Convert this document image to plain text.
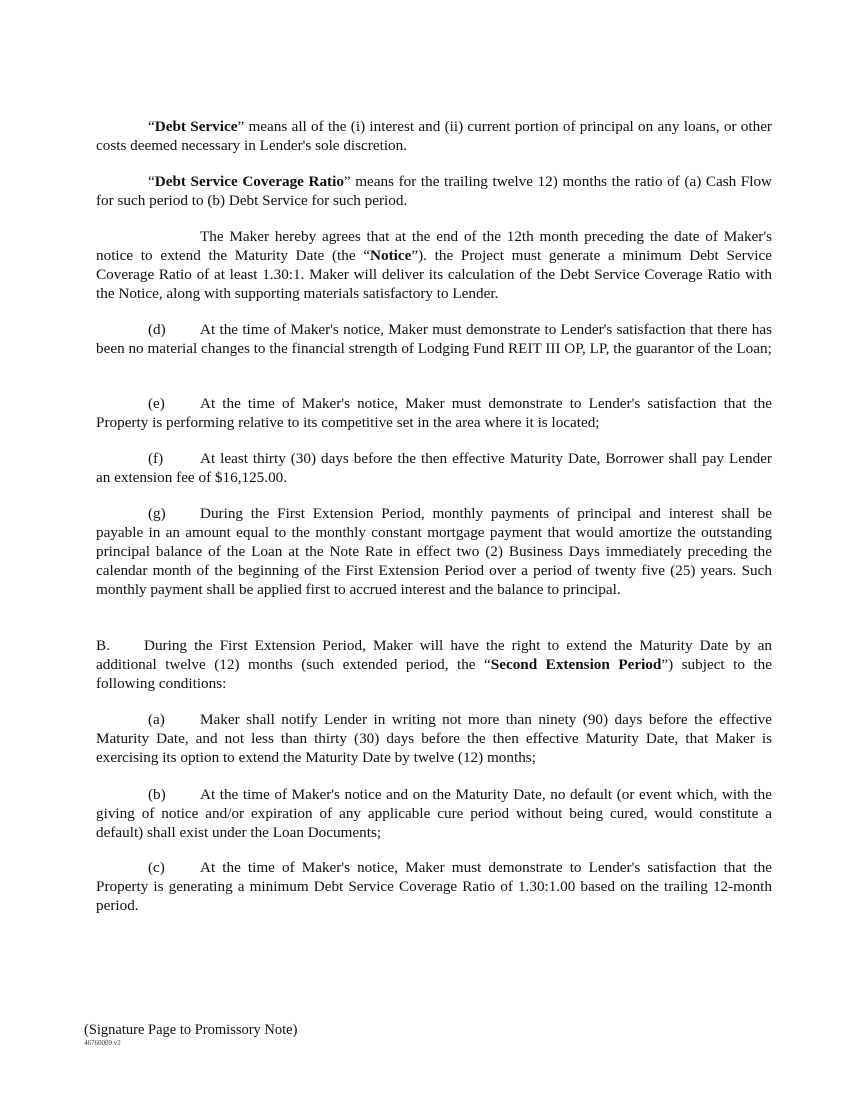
“Debt Service” means all of the (i) interest and (ii) current portion of principal on any loans, or other costs deemed necessary in Lender's sole discretion.

“Debt Service Coverage Ratio” means for the trailing twelve 12) months the ratio of (a) Cash Flow for such period to (b) Debt Service for such period.

The Maker hereby agrees that at the end of the 12th month preceding the date of Maker's notice to extend the Maturity Date (the “Notice”). the Project must generate a minimum Debt Service Coverage Ratio of at least 1.30:1. Maker will deliver its calculation of the Debt Service Coverage Ratio with the Notice, along with supporting materials satisfactory to Lender.

(d) At the time of Maker's notice, Maker must demonstrate to Lender's satisfaction that there has been no material changes to the financial strength of Lodging Fund REIT III OP, LP, the guarantor of the Loan;

(e) At the time of Maker's notice, Maker must demonstrate to Lender's satisfaction that the Property is performing relative to its competitive set in the area where it is located;

(f) At least thirty (30) days before the then effective Maturity Date, Borrower shall pay Lender an extension fee of $16,125.00.

(g) During the First Extension Period, monthly payments of principal and interest shall be payable in an amount equal to the monthly constant mortgage payment that would amortize the outstanding principal balance of the Loan at the Note Rate in effect two (2) Business Days immediately preceding the calendar month of the beginning of the First Extension Period over a period of twenty five (25) years. Such monthly payment shall be applied first to accrued interest and the balance to principal.

B. During the First Extension Period, Maker will have the right to extend the Maturity Date by an additional twelve (12) months (such extended period, the “Second Extension Period”) subject to the following conditions:

(a) Maker shall notify Lender in writing not more than ninety (90) days before the effective Maturity Date, and not less than thirty (30) days before the then effective Maturity Date, that Maker is exercising its option to extend the Maturity Date by twelve (12) months;

(b) At the time of Maker's notice and on the Maturity Date, no default (or event which, with the giving of notice and/or expiration of any applicable cure period without being cured, would constitute a default) shall exist under the Loan Documents;

(c) At the time of Maker's notice, Maker must demonstrate to Lender's satisfaction that the Property is generating a minimum Debt Service Coverage Ratio of 1.30:1.00 based on the trailing 12-month period.

(Signature Page to Promissory Note)

46760009 v2
